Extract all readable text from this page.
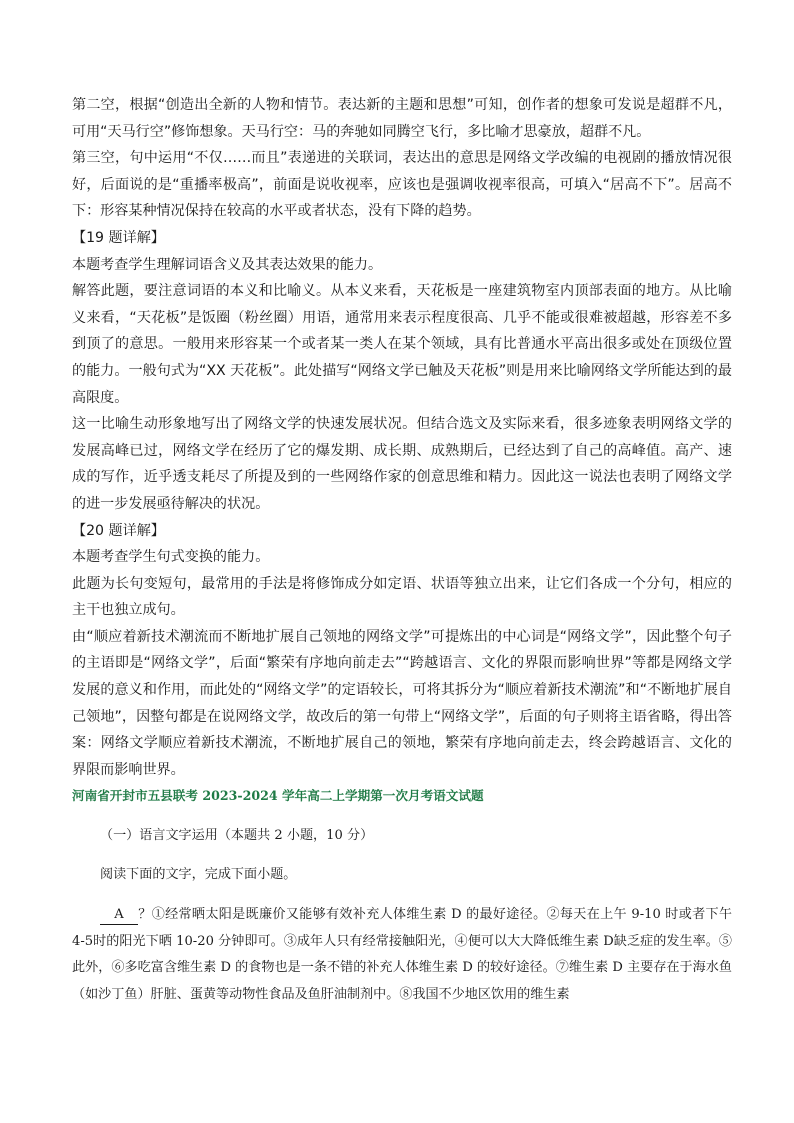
第二空，根据“创造出全新的人物和情节。表达新的主题和思想”可知，创作者的想象可发说是超群不凡，可用“天马行空”修饰想象。天马行空：马的奔驰如同腾空飞行，多比喻才思豪放，超群不凡。

第三空，句中运用“不仅……而且”表递进的关联词，表达出的意思是网络文学改编的电视剧的播放情况很好，后面说的是“重播率极高”，前面是说收视率，应该也是强调收视率很高，可填入“居高不下”。居高不下：形容某种情况保持在较高的水平或者状态，没有下降的趋势。

【19 题详解】

本题考查学生理解词语含义及其表达效果的能力。

解答此题，要注意词语的本义和比喻义。从本义来看，天花板是一座建筑物室内顶部表面的地方。从比喻义来看，“天花板”是饭圈（粉丝圈）用语，通常用来表示程度很高、几乎不能或很难被超越，形容差不多到顶了的意思。一般用来形容某一个或者某一类人在某个领域，具有比普通水平高出很多或处在顶级位置的能力。一般句式为“XX 天花板”。此处描写“网络文学已触及天花板”则是用来比喻网络文学所能达到的最高限度。

这一比喻生动形象地写出了网络文学的快速发展状况。但结合选文及实际来看，很多迹象表明网络文学的发展高峰已过，网络文学在经历了它的爆发期、成长期、成熟期后，已经达到了自己的高峰值。高产、速成的写作，近乎透支耗尽了所提及到的一些网络作家的创意思维和精力。因此这一说法也表明了网络文学的进一步发展亟待解决的状况。

【20 题详解】

本题考查学生句式变换的能力。

此题为长句变短句，最常用的手法是将修饰成分如定语、状语等独立出来，让它们各成一个分句，相应的主干也独立成句。

由“顺应着新技术潮流而不断地扩展自己领地的网络文学”可提炼出的中心词是“网络文学”，因此整个句子的主语即是“网络文学”，后面“繁荣有序地向前走去”“跨越语言、文化的界限而影响世界”等都是网络文学发展的意义和作用，而此处的“网络文学”的定语较长，可将其拆分为“顺应着新技术潮流”和“不断地扩展自己领地”，因整句都是在说网络文学，故改后的第一句带上“网络文学”，后面的句子则将主语省略，得出答案：网络文学顺应着新技术潮流，不断地扩展自己的领地，繁荣有序地向前走去，终会跨越语言、文化的界限而影响世界。

河南省开封市五县联考 2023-2024 学年高二上学期第一次月考语文试题

（一）语言文字运用（本题共 2 小题，10 分）

阅读下面的文字，完成下面小题。

A ？①经常晒太阳是既廉价又能够有效补充人体维生素 D 的最好途径。②每天在上午 9-10 时或者下午 4-5时的阳光下晒 10-20 分钟即可。③成年人只有经常接触阳光，④便可以大大降低维生素 D缺乏症的发生率。⑤此外，⑥多吃富含维生素 D 的食物也是一条不错的补充人体维生素 D 的较好途径。⑦维生素 D 主要存在于海水鱼（如沙丁鱼）肝脏、蛋黄等动物性食品及鱼肝油制剂中。⑧我国不少地区饮用的维生素
